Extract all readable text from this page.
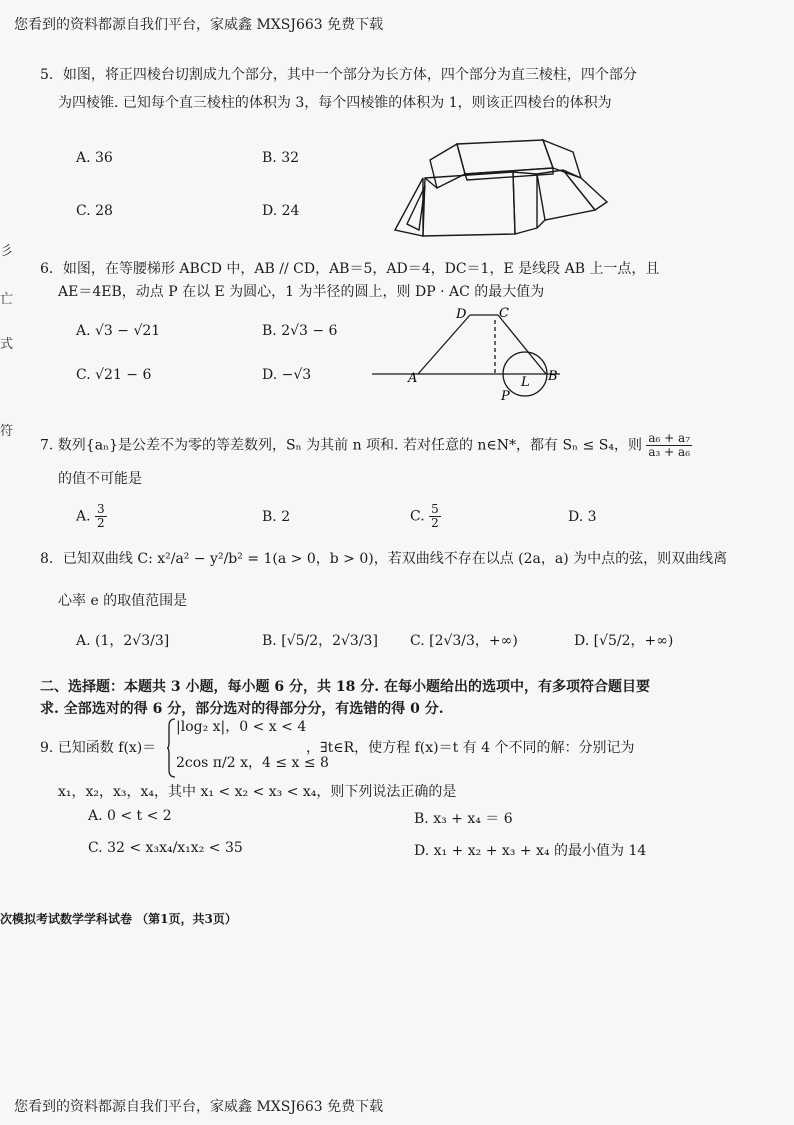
您看到的资料都源自我们平台，家威鑫 MXSJ663 免费下载
彡
亡
式
符
5．如图，将正四棱台切割成九个部分，其中一个部分为长方体，四个部分为直三棱柱，四个部分
为四棱锥. 已知每个直三棱柱的体积为 3，每个四棱锥的体积为 1，则该正四棱台的体积为
A. 36	B. 32
C. 28	D. 24
6．如图，在等腰梯形 ABCD 中，AB // CD，AB＝5，AD＝4，DC＝1，E 是线段 AB 上一点，且
AE＝4EB，动点 P 在以 E 为圆心，1 为半径的圆上，则 DP · AC 的最大值为
A. √3 − √21	B. 2√3 − 6
C. √21 − 6	D. −√3
D	C
A	B
L
P
7. 数列{aₙ}是公差不为零的等差数列，Sₙ 为其前 n 项和. 若对任意的 n∈N*，都有 Sₙ ≤ S₄，则 $\frac{\text{a₆ + a₇}}{\text{a₃ + a₆}}$
的值不可能是
A. $\frac{3}{2}$	B. 2	C. $\frac{5}{2}$	D. 3
8．已知双曲线 C: x²/a² − y²/b² = 1(a > 0，b > 0)，若双曲线不存在以点 (2a，a) 为中点的弦，则双曲线离
心率 e 的取值范围是
A. (1，2√3/3]	B. [√5/2，2√3/3] C. [2√3/3，+∞)	D. [√5/2，+∞)
二、选择题：本题共 3 小题，每小题 6 分，共 18 分. 在每小题给出的选项中，有多项符合题目要
求. 全部选对的得 6 分，部分选对的得部分分，有选错的得 0 分.
9. 已知函数 f(x)＝
|log₂ x|，0 < x < 4
2cos π/2 x，4 ≤ x ≤ 8
，∃t∈R，使方程 f(x)＝t 有 4 个不同的解：分别记为
x₁，x₂，x₃，x₄，其中 x₁ < x₂ < x₃ < x₄，则下列说法正确的是
A. 0 < t < 2	B. x₃ + x₄ ＝ 6
C. 32 < x₃x₄/x₁x₂ < 35	D. x₁ + x₂ + x₃ + x₄ 的最小值为 14
次模拟考试数学学科试卷 （第1页，共3页）
您看到的资料都源自我们平台，家威鑫 MXSJ663 免费下载
